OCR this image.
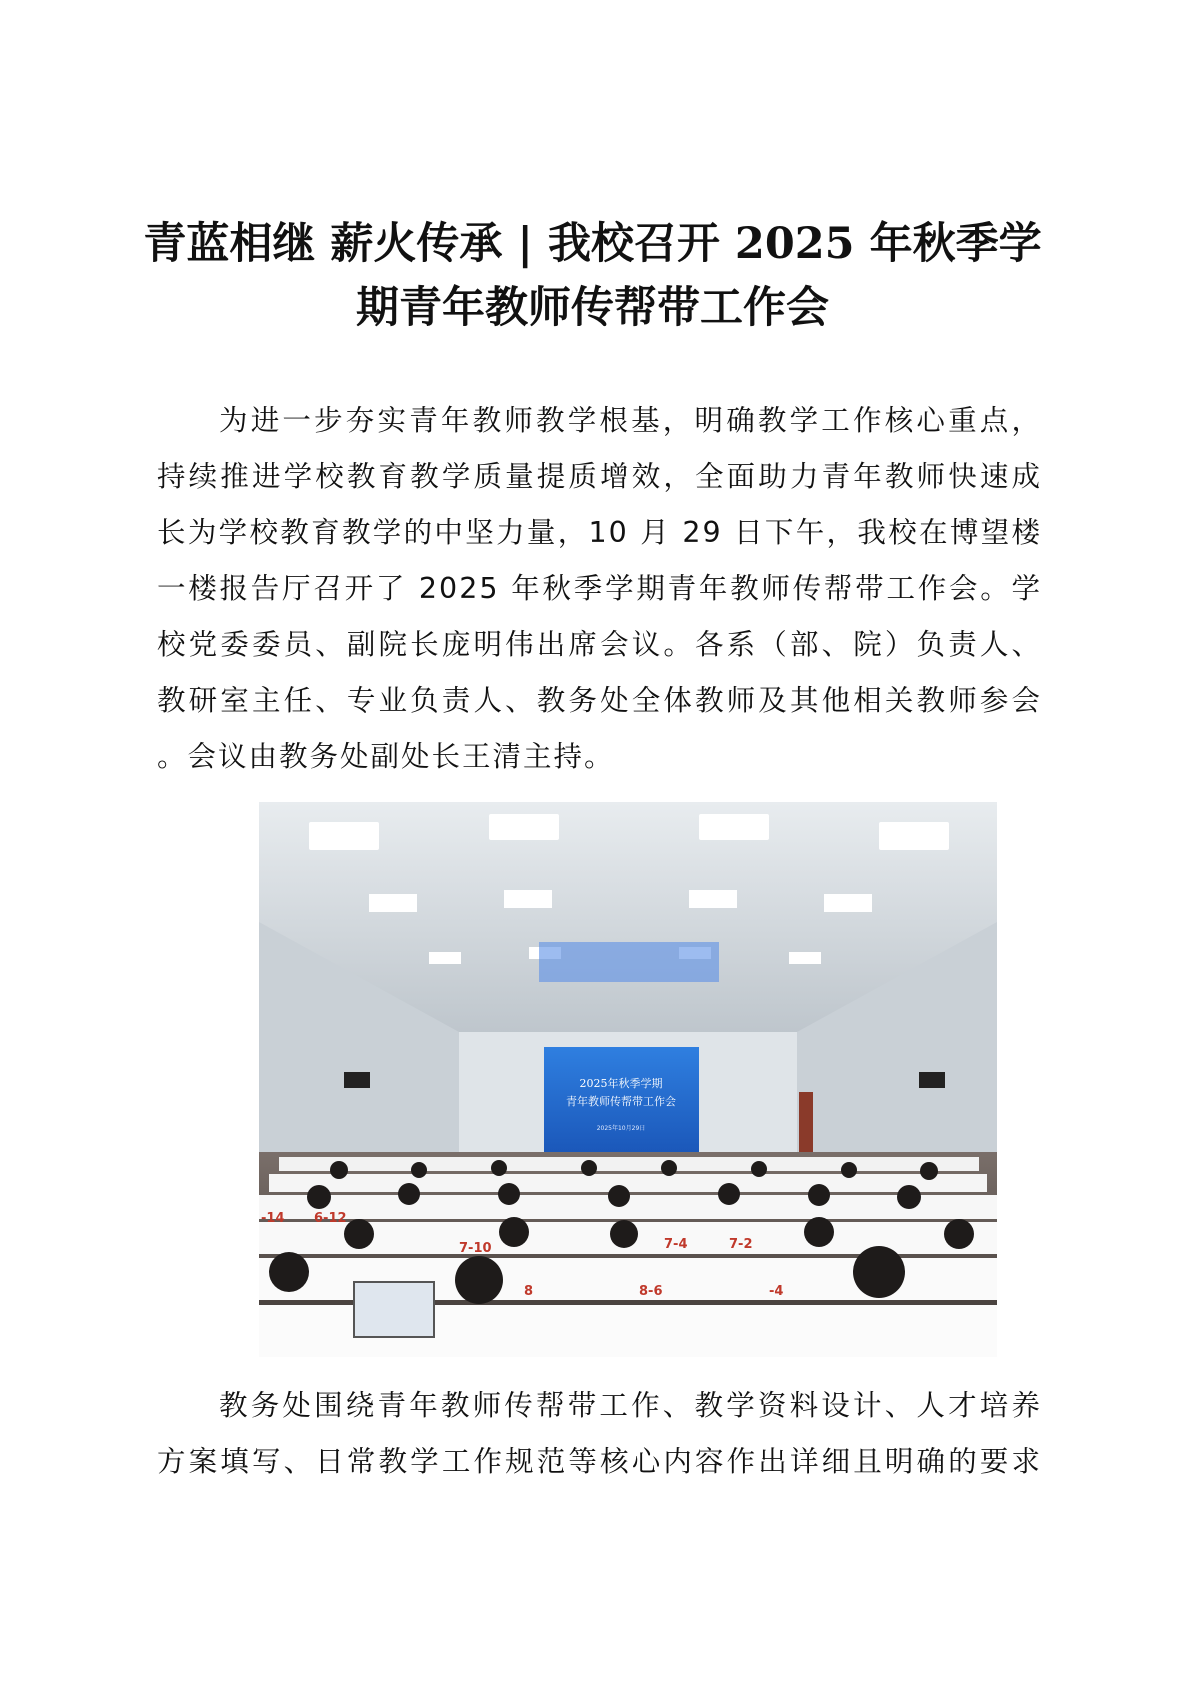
青蓝相继 薪火传承 | 我校召开 2025 年秋季学
期青年教师传帮带工作会
为进一步夯实青年教师教学根基，明确教学工作核心重点，
持续推进学校教育教学质量提质增效，全面助力青年教师快速成
长为学校教育教学的中坚力量，10 月 29 日下午，我校在博望楼
一楼报告厅召开了 2025 年秋季学期青年教师传帮带工作会。学
校党委委员、副院长庞明伟出席会议。各系（部、院）负责人、
教研室主任、专业负责人、教务处全体教师及其他相关教师参会
。会议由教务处副处长王清主持。
2025年秋季学期
青年教师传帮带工作会
2025年10月29日
6-12
7-10	7-4	7-2
8	8-6	-4
-14
教务处围绕青年教师传帮带工作、教学资料设计、人才培养
方案填写、日常教学工作规范等核心内容作出详细且明确的要求
